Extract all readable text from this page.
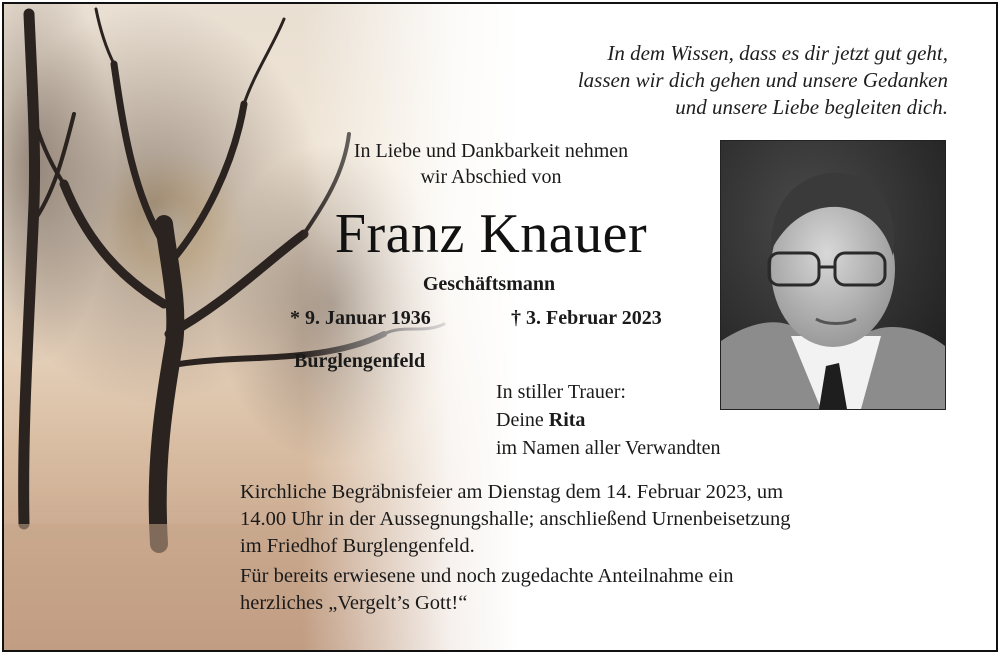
In dem Wissen, dass es dir jetzt gut geht,
lassen wir dich gehen und unsere Gedanken
und unsere Liebe begleiten dich.
In Liebe und Dankbarkeit nehmen
wir Abschied von
Franz Knauer
Geschäftsmann
* 9. Januar 1936	† 3. Februar 2023
Burglengenfeld
In stiller Trauer:
Deine Rita
im Namen aller Verwandten
Kirchliche Begräbnisfeier am Dienstag dem 14. Februar 2023, um
14.00 Uhr in der Aussegnungshalle; anschließend Urnenbeisetzung
im Friedhof Burglengenfeld.
Für bereits erwiesene und noch zugedachte Anteilnahme ein
herzliches „Vergelt’s Gott!“
